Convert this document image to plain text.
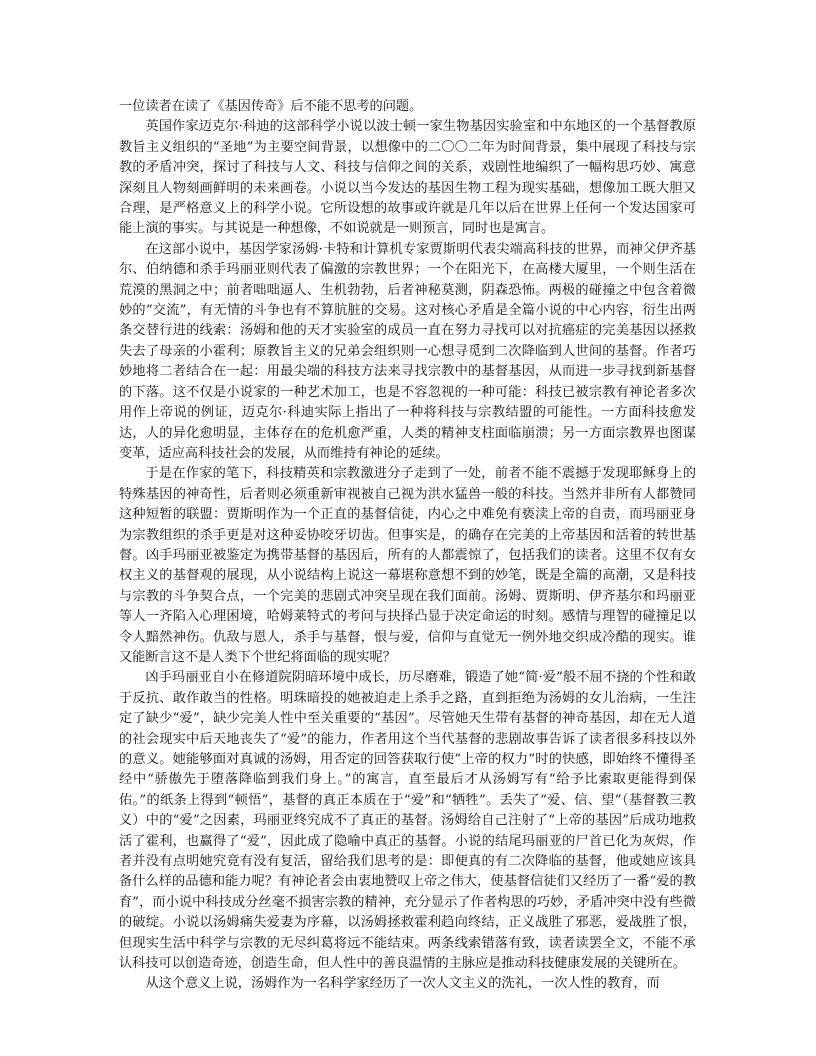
一位读者在读了《基因传奇》后不能不思考的问题。

英国作家迈克尔·科迪的这部科学小说以波士顿一家生物基因实验室和中东地区的一个基督教原教旨主义组织的“圣地”为主要空间背景，以想像中的二〇〇二年为时间背景，集中展现了科技与宗教的矛盾冲突，探讨了科技与人文、科技与信仰之间的关系，戏剧性地编织了一幅构思巧妙、寓意深刻且人物刻画鲜明的未来画卷。小说以当今发达的基因生物工程为现实基础，想像加工既大胆又合理，是严格意义上的科学小说。它所设想的故事或许就是几年以后在世界上任何一个发达国家可能上演的事实。与其说是一种想像，不如说就是一则预言，同时也是寓言。

在这部小说中，基因学家汤姆·卡特和计算机专家贾斯明代表尖端高科技的世界，而神父伊齐基尔、伯纳德和杀手玛丽亚则代表了偏激的宗教世界；一个在阳光下，在高楼大厦里，一个则生活在荒漠的黑洞之中；前者咄咄逼人、生机勃勃，后者神秘莫测，阴森恐怖。两极的碰撞之中包含着微妙的“交流”，有无情的斗争也有不算肮脏的交易。这对核心矛盾是全篇小说的中心内容，衍生出两条交替行进的线索：汤姆和他的天才实验室的成员一直在努力寻找可以对抗癌症的完美基因以拯救失去了母亲的小霍利；原教旨主义的兄弟会组织则一心想寻觅到二次降临到人世间的基督。作者巧妙地将二者结合在一起：用最尖端的科技方法来寻找宗教中的基督基因，从而进一步寻找到新基督的下落。这不仅是小说家的一种艺术加工，也是不容忽视的一种可能：科技已被宗教有神论者多次用作上帝说的例证，迈克尔·科迪实际上指出了一种将科技与宗教结盟的可能性。一方面科技愈发达，人的异化愈明显，主体存在的危机愈严重，人类的精神支柱面临崩溃；另一方面宗教界也图谋变革，适应高科技社会的发展，从而维持有神论的延续。

于是在作家的笔下，科技精英和宗教激进分子走到了一处，前者不能不震撼于发现耶稣身上的特殊基因的神奇性，后者则必须重新审视被自己视为洪水猛兽一般的科技。当然并非所有人都赞同这种短暂的联盟：贾斯明作为一个正直的基督信徒，内心之中难免有亵渎上帝的自责，而玛丽亚身为宗教组织的杀手更是对这种妥协咬牙切齿。但事实是，的确存在完美的上帝基因和活着的转世基督。凶手玛丽亚被鉴定为携带基督的基因后，所有的人都震惊了，包括我们的读者。这里不仅有女权主义的基督观的展现，从小说结构上说这一幕堪称意想不到的妙笔，既是全篇的高潮，又是科技与宗教的斗争契合点，一个完美的悲剧式冲突呈现在我们面前。汤姆、贾斯明、伊齐基尔和玛丽亚等人一齐陷入心理困境，哈姆莱特式的考问与抉择凸显于决定命运的时刻。感情与理智的碰撞足以令人黯然神伤。仇敌与恩人，杀手与基督，恨与爱，信仰与直觉无一例外地交织成冷酷的现实。谁又能断言这不是人类下个世纪将面临的现实呢？

凶手玛丽亚自小在修道院阴暗环境中成长，历尽磨难，锻造了她“简·爱”般不屈不挠的个性和敢于反抗、敢作敢当的性格。明珠暗投的她被迫走上杀手之路，直到拒绝为汤姆的女儿治病，一生注定了缺少“爱”，缺少完美人性中至关重要的“基因”。尽管她天生带有基督的神奇基因，却在无人道的社会现实中后天地丧失了“爱”的能力，作者用这个当代基督的悲剧故事告诉了读者很多科技以外的意义。她能够面对真诚的汤姆，用否定的回答获取行使“上帝的权力”时的快感，即始终不懂得圣经中“骄傲先于堕落降临到我们身上。”的寓言，直至最后才从汤姆写有“给予比索取更能得到保佑。”的纸条上得到“顿悟”，基督的真正本质在于“爱”和“牺牲”。丢失了“爱、信、望”（基督教三教义）中的“爱”之因素，玛丽亚终究成不了真正的基督。汤姆给自己注射了“上帝的基因”后成功地救活了霍利，也赢得了“爱”，因此成了隐喻中真正的基督。小说的结尾玛丽亚的尸首已化为灰烬，作者并没有点明她究竟有没有复活，留给我们思考的是：即便真的有二次降临的基督，他或她应该具备什么样的品德和能力呢？有神论者会由衷地赞叹上帝之伟大，使基督信徒们又经历了一番“爱的教育”，而小说中科技成分丝毫不损害宗教的精神，充分显示了作者构思的巧妙，矛盾冲突中没有些微的破绽。小说以汤姆痛失爱妻为序幕，以汤姆拯救霍利趋向终结，正义战胜了邪恶，爱战胜了恨，但现实生活中科学与宗教的无尽纠葛将远不能结束。两条线索错落有致，读者读罢全文，不能不承认科技可以创造奇迹，创造生命，但人性中的善良温情的主脉应是推动科技健康发展的关键所在。

从这个意义上说，汤姆作为一名科学家经历了一次人文主义的洗礼，一次人性的教育，而
